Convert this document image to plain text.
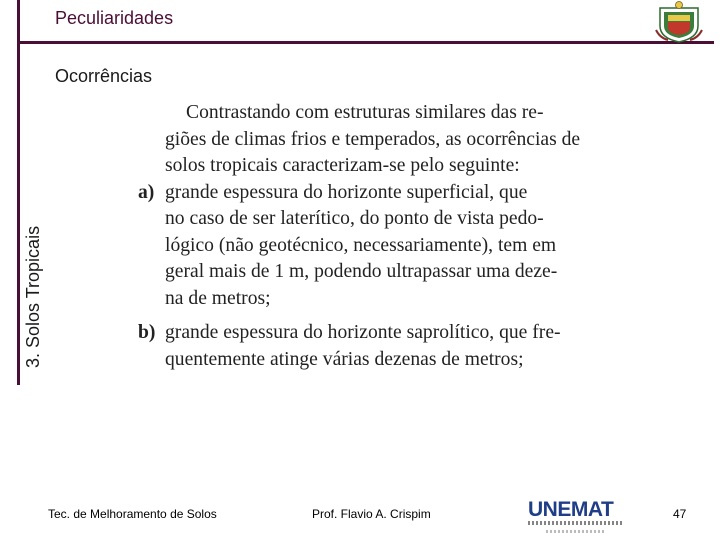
3. Solos Tropicais
Peculiaridades
Ocorrências

Contrastando com estruturas similares das re-

giões de climas frios e temperados, as ocorrências de

solos tropicais caracterizam-se pelo seguinte:

a) grande espessura do horizonte superficial, que

no caso de ser laterítico, do ponto de vista pedo-

lógico (não geotécnico, necessariamente), tem em

geral mais de 1 m, podendo ultrapassar uma deze-

na de metros;

b) grande espessura do horizonte saprolítico, que fre-

quentemente atinge várias dezenas de metros;

Tec. de Melhoramento de Solos	Prof. Flavio A. Crispim	UNEMAT	47
